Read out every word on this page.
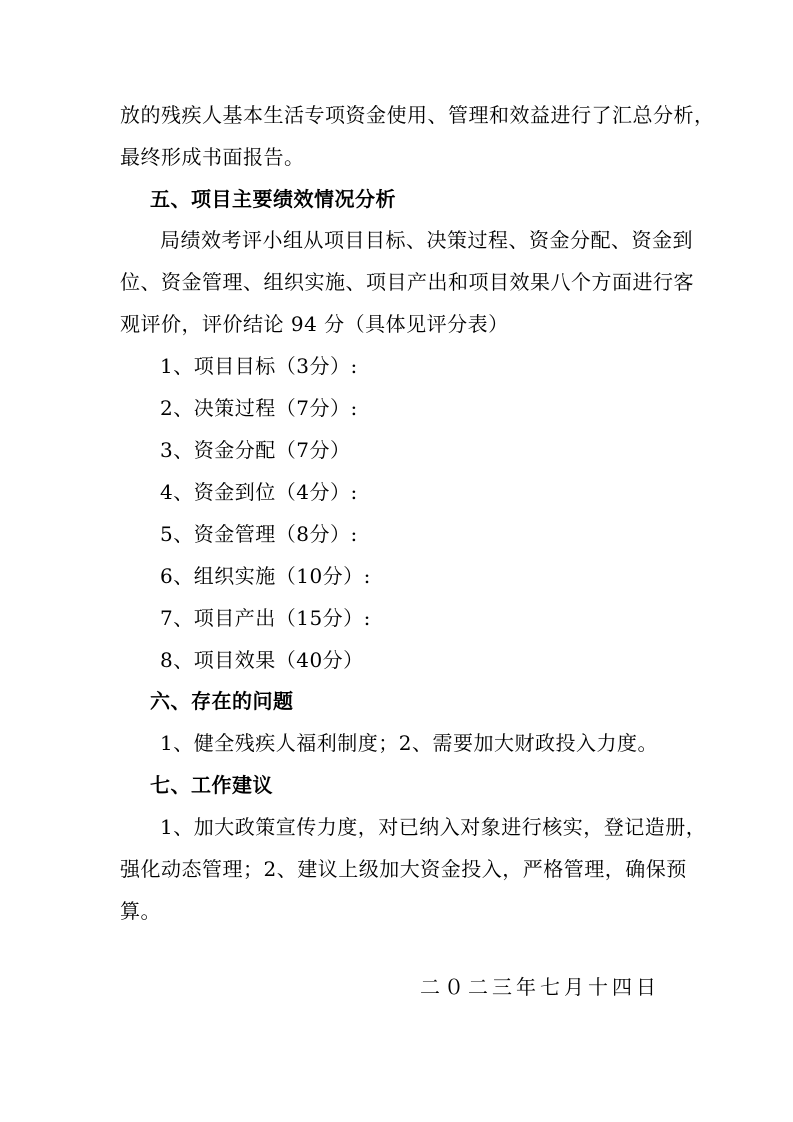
放的残疾人基本生活专项资金使用、管理和效益进行了汇总分析，
最终形成书面报告。
五、项目主要绩效情况分析
局绩效考评小组从项目目标、决策过程、资金分配、资金到
位、资金管理、组织实施、项目产出和项目效果八个方面进行客
观评价，评价结论 94 分（具体见评分表）
1、项目目标（3分）:
2、决策过程（7分）:
3、资金分配（7分）
4、资金到位（4分）:
5、资金管理（8分）:
6、组织实施（10分）:
7、项目产出（15分）:
8、项目效果（40分）
六、存在的问题
1、健全残疾人福利制度；2、需要加大财政投入力度。
七、工作建议
1、加大政策宣传力度，对已纳入对象进行核实，登记造册，
强化动态管理；2、建议上级加大资金投入，严格管理，确保预
算。
二０二三年七月十四日
